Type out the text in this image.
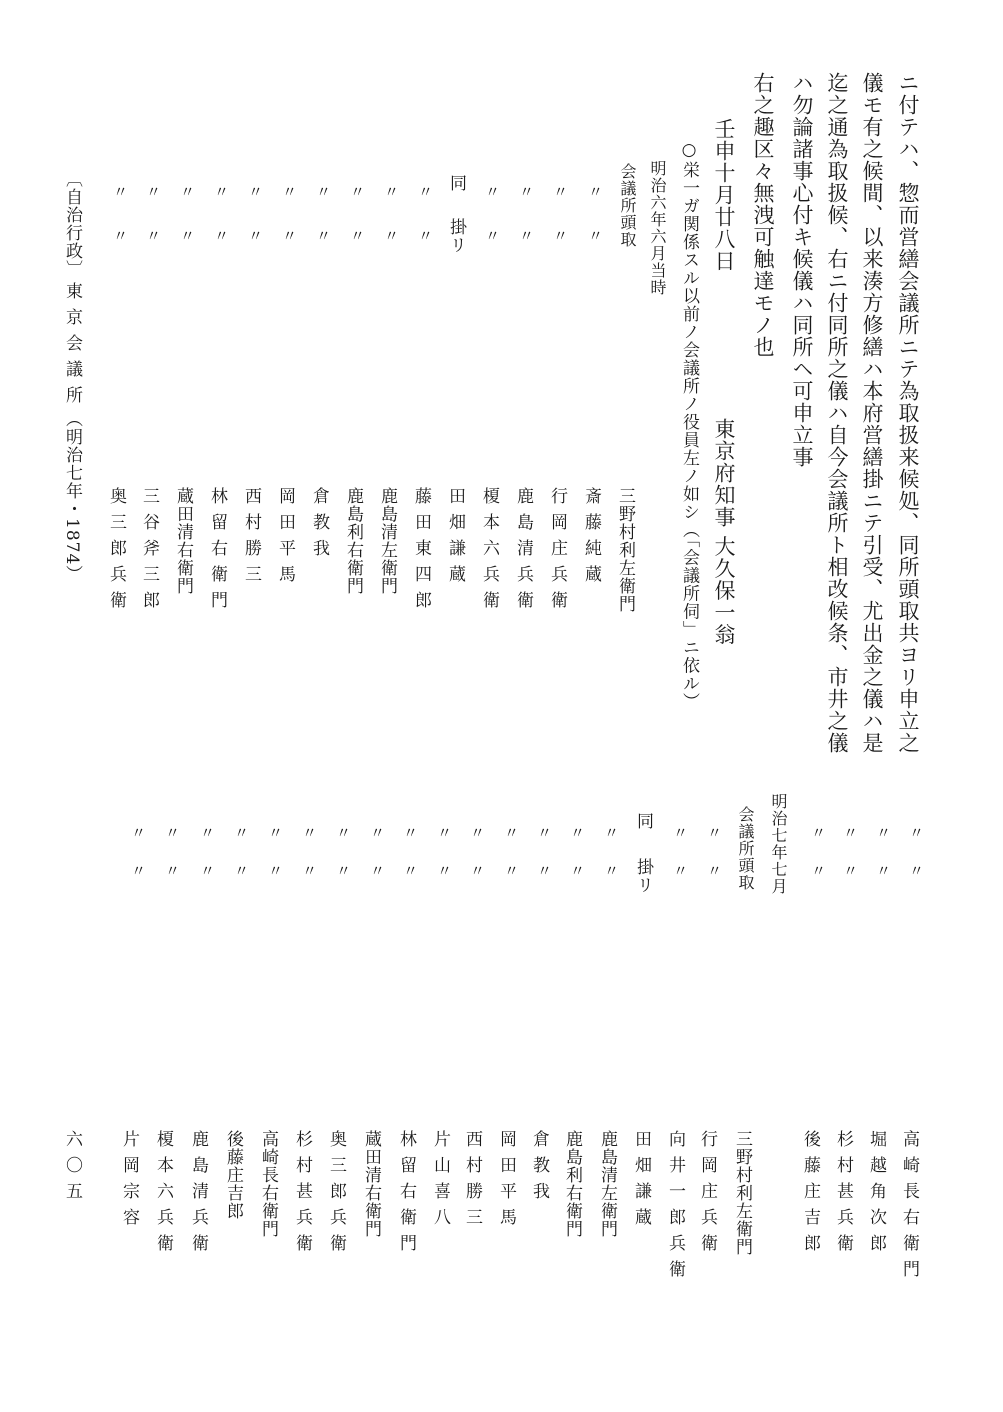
ニ付テハ、惣而営繕会議所ニテ為取扱来候処、同所頭取共ヨリ申立之
儀モ有之候間、以来湊方修繕ハ本府営繕掛ニテ引受、尤出金之儀ハ是
迄之通為取扱候、右ニ付同所之儀ハ自今会議所ト相改候条、市井之儀
ハ勿論諸事心付キ候儀ハ同所ヘ可申立事
右之趣区々無洩可触達モノ也
壬申十月廿八日
東京府知事 大久保一翁
○栄一ガ関係スル以前ノ会議所ノ役員左ノ如シ（「会議所伺」ニ依ル）
明治六年六月当時
会議所頭取
同
掛リ
三野村利左衛門
斎藤純蔵
行岡庄兵衛
鹿島清兵衛
榎本六兵衛
田畑謙蔵
藤田東四郎
鹿島清左衛門
鹿島利右衛門
倉教我
岡田平馬
西村勝三
林留右衛門
蔵田清右衛門
三谷斧三郎
奥三郎兵衛
〃
〃
〃
〃
〃
〃
〃
〃
〃
〃
〃
〃
〃
〃
〃
〃
〃
〃
〃
〃
〃
〃
〃
〃
〃
〃
〃
〃
明治七年七月
会議所頭取
同
掛リ
〃
〃
〃
〃
〃
〃
〃
〃
〃
〃
〃
〃
〃
〃
〃
〃
〃
〃
〃
〃
〃
〃
〃
〃
〃
〃
〃
〃
〃
〃
〃
〃
〃
〃
〃
〃
〃
〃
〃
〃
〃
〃
高崎長右衛門
堀越角次郎
杉村甚兵衛
後藤庄吉郎
三野村利左衛門
行岡庄兵衛
向井一郎兵衛
田畑謙蔵
鹿島清左衛門
鹿島利右衛門
倉教我
岡田平馬
西村勝三
片山喜八
林留右衛門
蔵田清右衛門
奥三郎兵衛
杉村甚兵衛
高崎長右衛門
後藤庄吉郎
鹿島清兵衛
榎本六兵衛
片岡宗容
〔自治行政〕
東京会議所
（明治七年・1874）
六〇五
